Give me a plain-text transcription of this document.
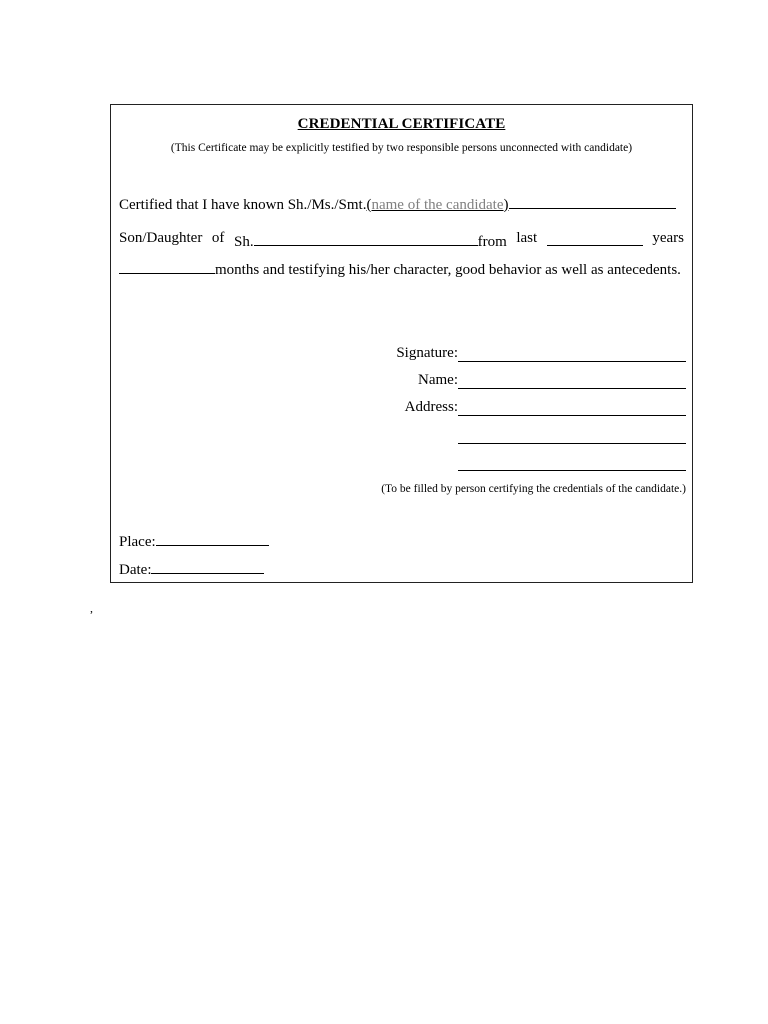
CREDENTIAL CERTIFICATE
(This Certificate may be explicitly testified by two responsible persons unconnected with candidate)
Certified that I have known Sh./Ms./Smt.(name of the candidate)
Son/Daughter of Sh.	from last	years
months and testifying his/her character, good behavior as well as antecedents.
Signature:
Name:
Address:
(To be filled by person certifying the credentials of the candidate.)
Place:
Date:
,
